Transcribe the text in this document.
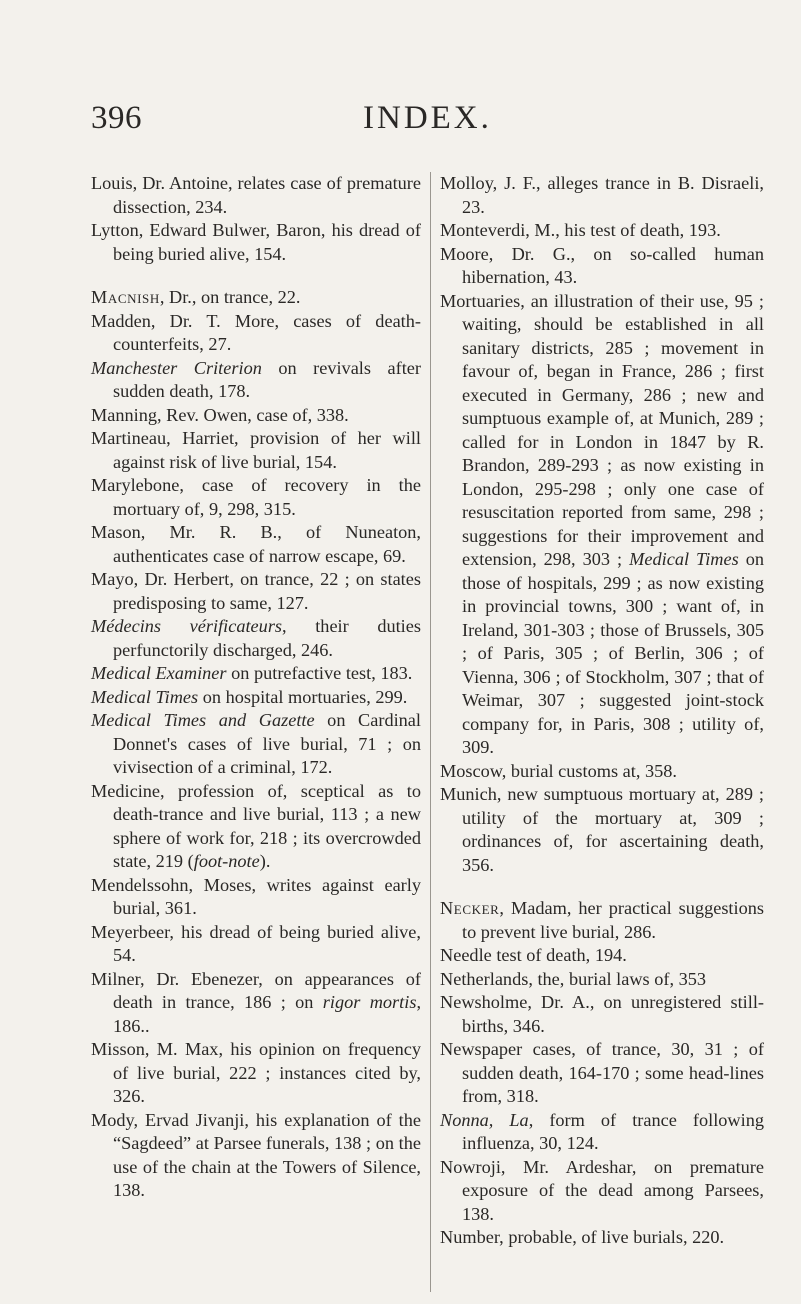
396	INDEX.

Louis, Dr. Antoine, relates case of premature dissection, 234.

Lytton, Edward Bulwer, Baron, his dread of being buried alive, 154.

Macnish, Dr., on trance, 22.

Madden, Dr. T. More, cases of death-counterfeits, 27.

Manchester Criterion on revivals after sudden death, 178.

Manning, Rev. Owen, case of, 338.

Martineau, Harriet, provision of her will against risk of live burial, 154.

Marylebone, case of recovery in the mortuary of, 9, 298, 315.

Mason, Mr. R. B., of Nuneaton, authenticates case of narrow escape, 69.

Mayo, Dr. Herbert, on trance, 22 ; on states predisposing to same, 127.

Médecins vérificateurs, their duties perfunctorily discharged, 246.

Medical Examiner on putrefactive test, 183.

Medical Times on hospital mortuaries, 299.

Medical Times and Gazette on Cardinal Donnet's cases of live burial, 71 ; on vivisection of a criminal, 172.

Medicine, profession of, sceptical as to death-trance and live burial, 113 ; a new sphere of work for, 218 ; its overcrowded state, 219 (foot-note).

Mendelssohn, Moses, writes against early burial, 361.

Meyerbeer, his dread of being buried alive, 54.

Milner, Dr. Ebenezer, on appearances of death in trance, 186 ; on rigor mortis, 186..

Misson, M. Max, his opinion on frequency of live burial, 222 ; instances cited by, 326.

Mody, Ervad Jivanji, his explanation of the “Sagdeed” at Parsee funerals, 138 ; on the use of the chain at the Towers of Silence, 138.

Molloy, J. F., alleges trance in B. Disraeli, 23.

Monteverdi, M., his test of death, 193.

Moore, Dr. G., on so-called human hibernation, 43.

Mortuaries, an illustration of their use, 95 ; waiting, should be established in all sanitary districts, 285 ; movement in favour of, began in France, 286 ; first executed in Germany, 286 ; new and sumptuous example of, at Munich, 289 ; called for in London in 1847 by R. Brandon, 289-293 ; as now existing in London, 295-298 ; only one case of resuscitation reported from same, 298 ; suggestions for their improvement and extension, 298, 303 ; Medical Times on those of hospitals, 299 ; as now existing in provincial towns, 300 ; want of, in Ireland, 301-303 ; those of Brussels, 305 ; of Paris, 305 ; of Berlin, 306 ; of Vienna, 306 ; of Stockholm, 307 ; that of Weimar, 307 ; suggested joint-stock company for, in Paris, 308 ; utility of, 309.

Moscow, burial customs at, 358.

Munich, new sumptuous mortuary at, 289 ; utility of the mortuary at, 309 ; ordinances of, for ascertaining death, 356.

Necker, Madam, her practical suggestions to prevent live burial, 286.

Needle test of death, 194.

Netherlands, the, burial laws of, 353

Newsholme, Dr. A., on unregistered still-births, 346.

Newspaper cases, of trance, 30, 31 ; of sudden death, 164-170 ; some head-lines from, 318.

Nonna, La, form of trance following influenza, 30, 124.

Nowroji, Mr. Ardeshar, on premature exposure of the dead among Parsees, 138.

Number, probable, of live burials, 220.
